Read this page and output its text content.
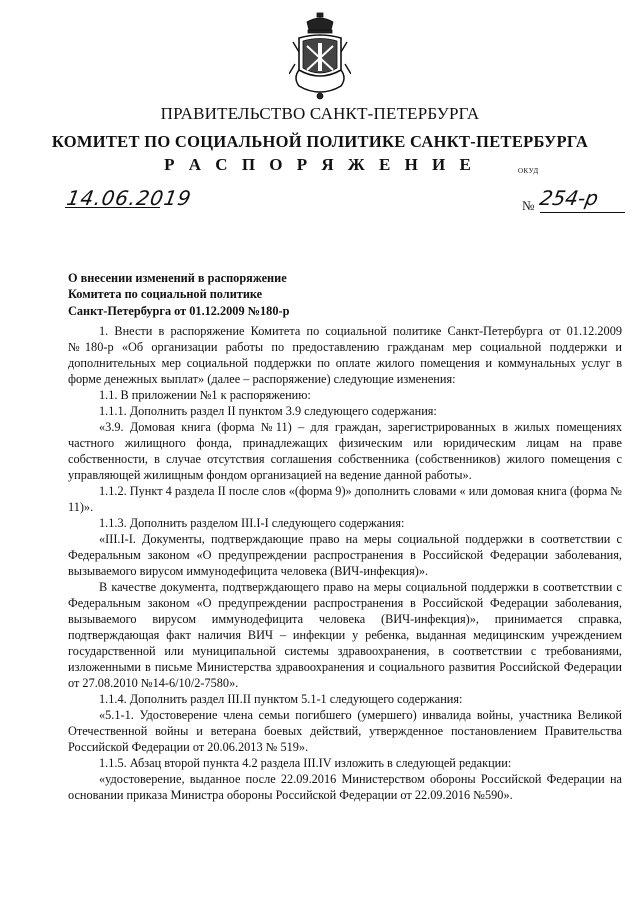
ПРАВИТЕЛЬСТВО САНКТ-ПЕТЕРБУРГА
КОМИТЕТ ПО СОЦИАЛЬНОЙ ПОЛИТИКЕ САНКТ-ПЕТЕРБУРГА
Р А С П О Р Я Ж Е Н И Е	ОКУД
14.06.2019	№ 254-р
О внесении изменений в распоряжение
Комитета по социальной политике
Санкт-Петербурга от 01.12.2009 №180-р

1. Внести в распоряжение Комитета по социальной политике Санкт-Петербурга от 01.12.2009 №180-р «Об организации работы по предоставлению гражданам мер социальной поддержки и дополнительных мер социальной поддержки по оплате жилого помещения и коммунальных услуг в форме денежных выплат» (далее – распоряжение) следующие изменения:

1.1. В приложении №1 к распоряжению:

1.1.1. Дополнить раздел II пунктом 3.9 следующего содержания:

«3.9. Домовая книга (форма №11) – для граждан, зарегистрированных в жилых помещениях частного жилищного фонда, принадлежащих физическим или юридическим лицам на праве собственности, в случае отсутствия соглашения собственника (собственников) жилого помещения с управляющей жилищным фондом организацией на ведение данной работы».

1.1.2. Пункт 4 раздела II после слов «(форма 9)» дополнить словами « или домовая книга (форма № 11)».

1.1.3. Дополнить разделом III.I-I следующего содержания:

«III.I-I. Документы, подтверждающие право на меры социальной поддержки в соответствии с Федеральным законом «О предупреждении распространения в Российской Федерации заболевания, вызываемого вирусом иммунодефицита человека (ВИЧ-инфекция)».

В качестве документа, подтверждающего право на меры социальной поддержки в соответствии с Федеральным законом «О предупреждении распространения в Российской Федерации заболевания, вызываемого вирусом иммунодефицита человека (ВИЧ-инфекция)», принимается справка, подтверждающая факт наличия ВИЧ – инфекции у ребенка, выданная медицинским учреждением государственной или муниципальной системы здравоохранения, в соответствии с требованиями, изложенными в письме Министерства здравоохранения и социального развития Российской Федерации от 27.08.2010 №14-6/10/2-7580».

1.1.4. Дополнить раздел III.II пунктом 5.1-1 следующего содержания:

«5.1-1. Удостоверение члена семьи погибшего (умершего) инвалида войны, участника Великой Отечественной войны и ветерана боевых действий, утвержденное постановлением Правительства Российской Федерации от 20.06.2013 № 519».

1.1.5. Абзац второй пункта 4.2 раздела III.IV изложить в следующей редакции:

«удостоверение, выданное после 22.09.2016 Министерством обороны Российской Федерации на основании приказа Министра обороны Российской Федерации от 22.09.2016 №590».
